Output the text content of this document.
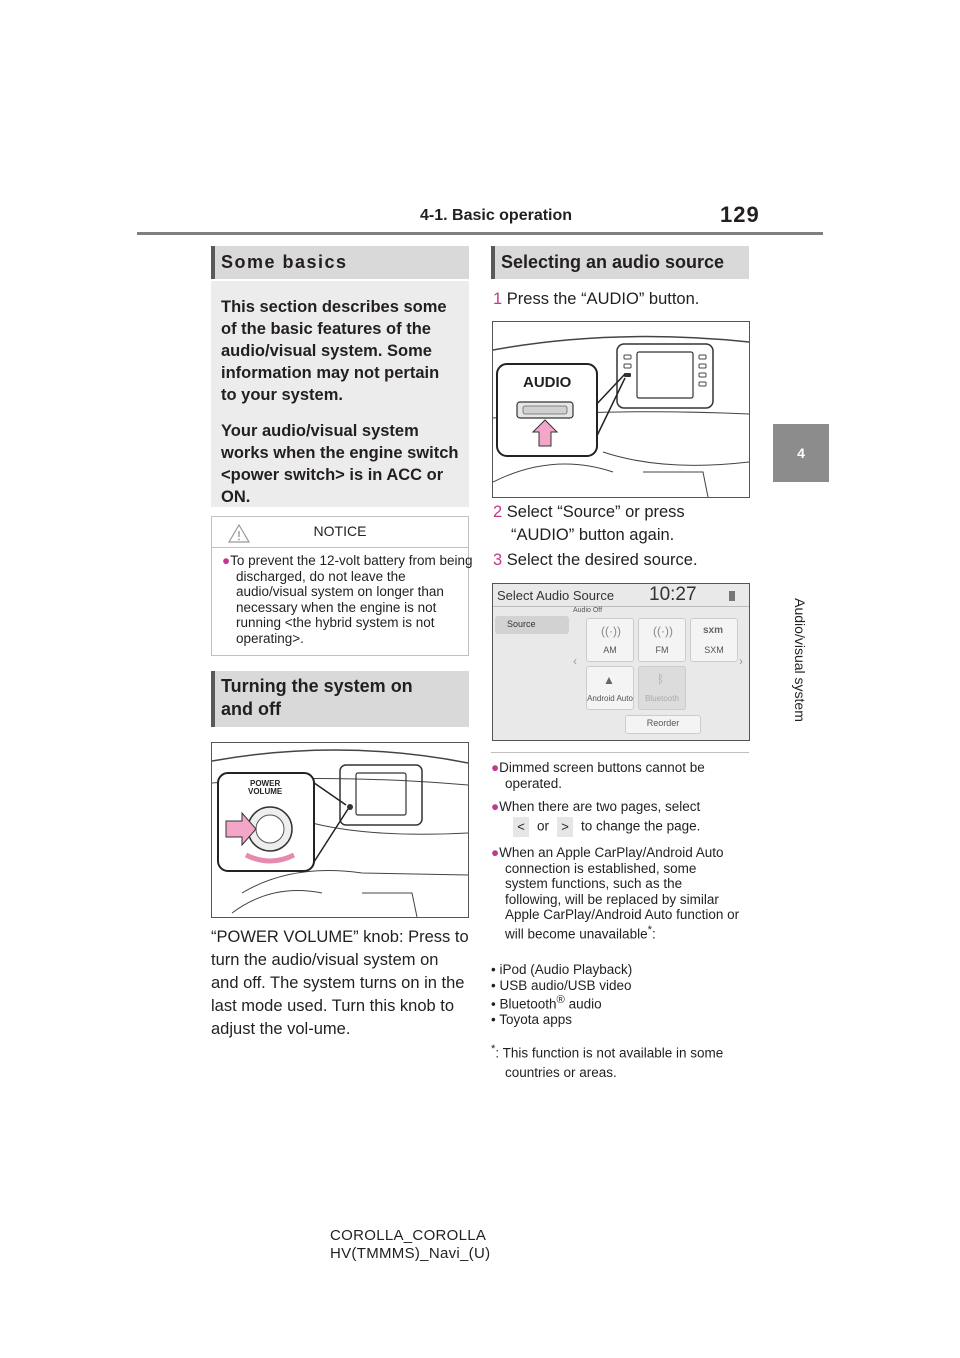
4-1. Basic operation	129
4
Audio/visual system
Some basics

This section describes some of the basic features of the audio/visual system. Some information may not pertain to your system.

Your audio/visual system works when the engine switch <power switch> is in ACC or ON.

NOTICE
●To prevent the 12-volt battery from being discharged, do not leave the audio/visual system on longer than necessary when the engine is not running <the hybrid system is not operating>.
Turning the system on
and off
POWER
VOLUME
“POWER VOLUME” knob: Press to turn the audio/visual system on and off. The system turns on in the last mode used. Turn this knob to adjust the vol-ume.
Selecting an audio source
1 Press the “AUDIO” button.
AUDIO
2 Select “Source” or press “AUDIO” button again.
3 Select the desired source.
Select Audio Source 10:27
Audio Off
Source
‹	›
((·))
AM
((·))
FM
sxm
SXM
▲
Android Auto
ᛒ
Bluetooth
Reorder
●Dimmed screen buttons cannot be operated.
●When there are two pages, select
< or > to change the page.
●When an Apple CarPlay/Android Auto connection is established, some system functions, such as the following, will be replaced by similar Apple CarPlay/Android Auto function or will become unavailable*:
• iPod (Audio Playback)
• USB audio/USB video
• Bluetooth® audio
• Toyota apps
*: This function is not available in some countries or areas.
COROLLA_COROLLA
HV(TMMMS)_Navi_(U)
